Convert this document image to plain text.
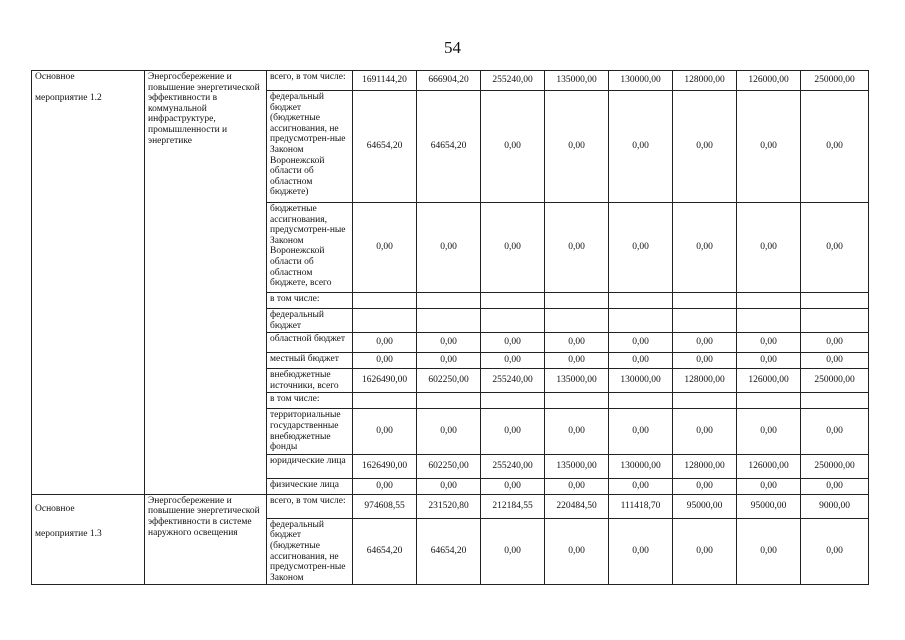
54
Основное
мероприятие 1.2	Энергосбережение и повышение энергетической эффективности в коммунальной инфраструктуре, промышленности и энергетике	всего, в том числе:	1691144,20	666904,20	255240,00	135000,00	130000,00	128000,00	126000,00	250000,00
		федеральный бюджет (бюджетные ассигнования, не предусмотрен-ные Законом Воронежской области об областном бюджете)	64654,20	64654,20	0,00	0,00	0,00	0,00	0,00	0,00
		бюджетные ассигнования, предусмотрен-ные Законом Воронежской области об областном бюджете, всего	0,00	0,00	0,00	0,00	0,00	0,00	0,00	0,00
		в том числе:								
		федеральный бюджет								
		областной бюджет	0,00	0,00	0,00	0,00	0,00	0,00	0,00	0,00
		местный бюджет	0,00	0,00	0,00	0,00	0,00	0,00	0,00	0,00
		внебюджетные источники, всего	1626490,00	602250,00	255240,00	135000,00	130000,00	128000,00	126000,00	250000,00
		в том числе:								
		территориальные государственные внебюджетные фонды	0,00	0,00	0,00	0,00	0,00	0,00	0,00	0,00
		юридические лица	1626490,00	602250,00	255240,00	135000,00	130000,00	128000,00	126000,00	250000,00
		физические лица	0,00	0,00	0,00	0,00	0,00	0,00	0,00	0,00

Основное
мероприятие 1.3	Энергосбережение и повышение энергетической эффективности в системе наружного освещения	всего, в том числе:	974608,55	231520,80	212184,55	220484,50	111418,70	95000,00	95000,00	9000,00
		федеральный бюджет (бюджетные ассигнования, не предусмотрен-ные Законом	64654,20	64654,20	0,00	0,00	0,00	0,00	0,00	0,00
